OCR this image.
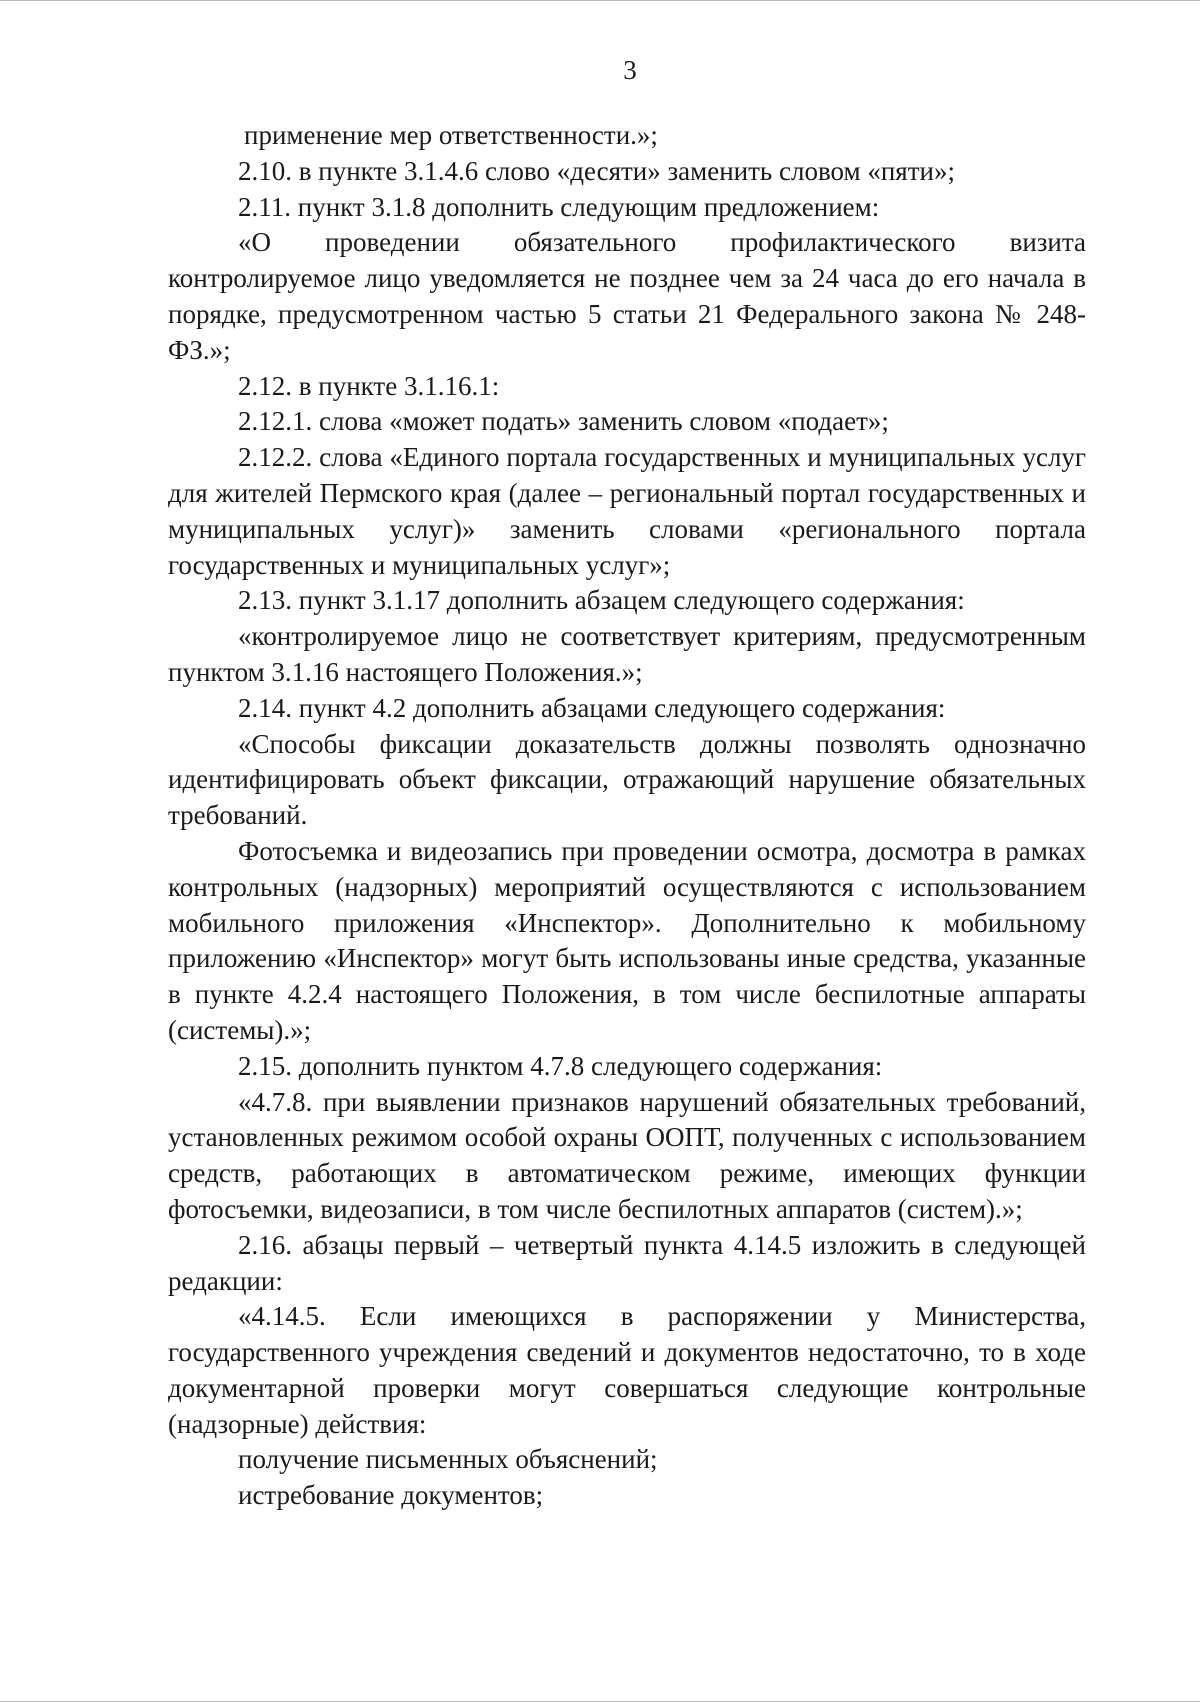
3

применение мер ответственности.»;

2.10. в пункте 3.1.4.6 слово «десяти» заменить словом «пяти»;

2.11. пункт 3.1.8 дополнить следующим предложением:

«О проведении обязательного профилактического визита контролируемое лицо уведомляется не позднее чем за 24 часа до его начала в порядке, предусмотренном частью 5 статьи 21 Федерального закона № 248-ФЗ.»;

2.12. в пункте 3.1.16.1:

2.12.1. слова «может подать» заменить словом «подает»;

2.12.2. слова «Единого портала государственных и муниципальных услуг для жителей Пермского края (далее – региональный портал государственных и муниципальных услуг)» заменить словами «регионального портала государственных и муниципальных услуг»;

2.13. пункт 3.1.17 дополнить абзацем следующего содержания:

«контролируемое лицо не соответствует критериям, предусмотренным пунктом 3.1.16 настоящего Положения.»;

2.14. пункт 4.2 дополнить абзацами следующего содержания:

«Способы фиксации доказательств должны позволять однозначно идентифицировать объект фиксации, отражающий нарушение обязательных требований.

Фотосъемка и видеозапись при проведении осмотра, досмотра в рамках контрольных (надзорных) мероприятий осуществляются с использованием мобильного приложения «Инспектор». Дополнительно к мобильному приложению «Инспектор» могут быть использованы иные средства, указанные в пункте 4.2.4 настоящего Положения, в том числе беспилотные аппараты (системы).»;

2.15. дополнить пунктом 4.7.8 следующего содержания:

«4.7.8. при выявлении признаков нарушений обязательных требований, установленных режимом особой охраны ООПТ, полученных с использованием средств, работающих в автоматическом режиме, имеющих функции фотосъемки, видеозаписи, в том числе беспилотных аппаратов (систем).»;

2.16. абзацы первый – четвертый пункта 4.14.5 изложить в следующей редакции:

«4.14.5. Если имеющихся в распоряжении у Министерства, государственного учреждения сведений и документов недостаточно, то в ходе документарной проверки могут совершаться следующие контрольные (надзорные) действия:

получение письменных объяснений;

истребование документов;
